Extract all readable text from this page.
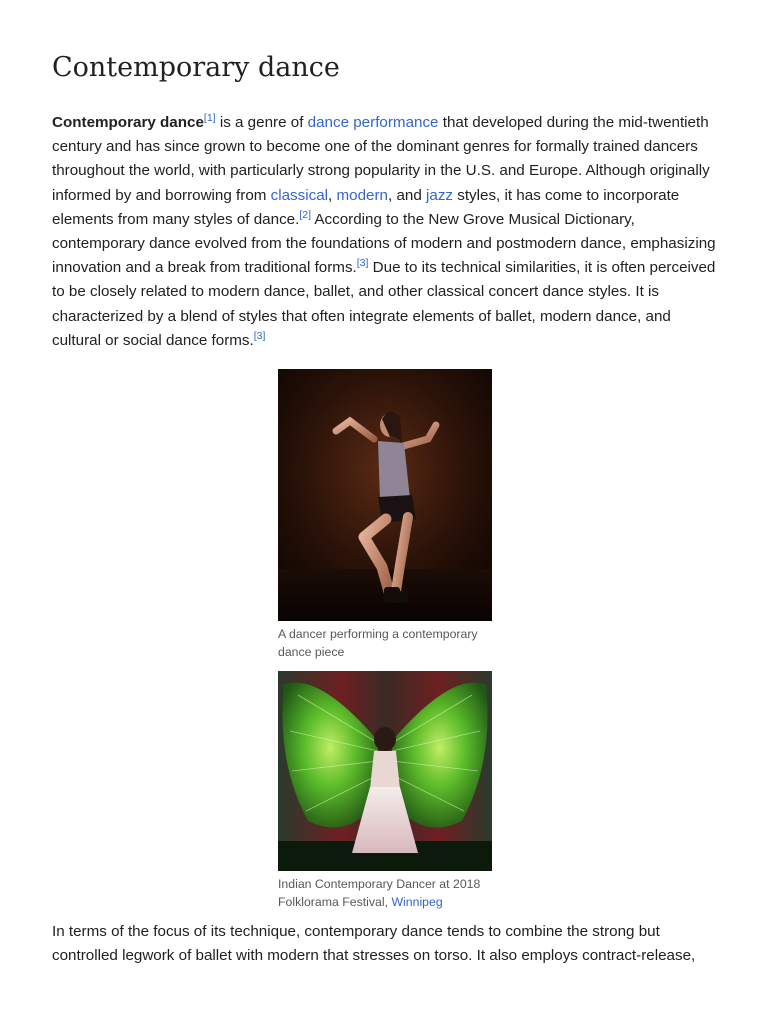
Contemporary dance

Contemporary dance[1] is a genre of dance performance that developed during the mid-twentieth century and has since grown to become one of the dominant genres for formally trained dancers throughout the world, with particularly strong popularity in the U.S. and Europe. Although originally informed by and borrowing from classical, modern, and jazz styles, it has come to incorporate elements from many styles of dance.[2] According to the New Grove Musical Dictionary, contemporary dance evolved from the foundations of modern and postmodern dance, emphasizing innovation and a break from traditional forms.[3] Due to its technical similarities, it is often perceived to be closely related to modern dance, ballet, and other classical concert dance styles. It is characterized by a blend of styles that often integrate elements of ballet, modern dance, and cultural or social dance forms.[3]

A dancer performing a contemporary dance piece
Indian Contemporary Dancer at 2018 Folklorama Festival, Winnipeg

In terms of the focus of its technique, contemporary dance tends to combine the strong but controlled legwork of ballet with modern that stresses on torso. It also employs contract-release,
